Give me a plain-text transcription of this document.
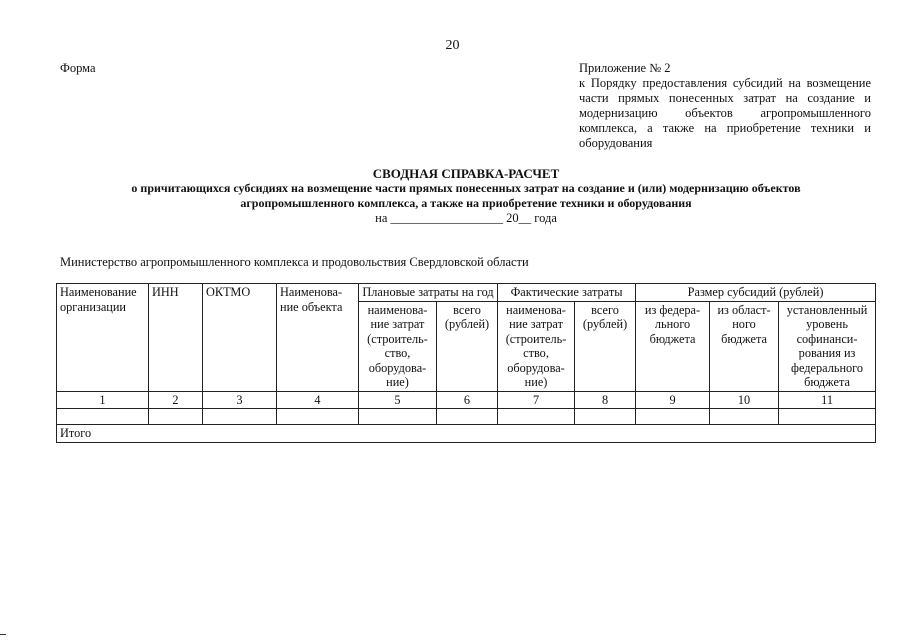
20
Форма	Приложение № 2
к Порядку предоставления субсидий на возмещение части прямых понесенных затрат на создание и модернизацию объектов агропромышленного комплекса, а также на приобретение техники и оборудования
СВОДНАЯ СПРАВКА-РАСЧЕТ
о причитающихся субсидиях на возмещение части прямых понесенных затрат на создание и (или) модернизацию объектов
агропромышленного комплекса, а также на приобретение техники и оборудования
на __________________ 20__ года
Министерство агропромышленного комплекса и продовольствия Свердловской области
Наименование организации	ИНН	ОКТМО	Наименова-ние объекта	Плановые затраты на год		Фактические затраты		Размер субсидий (рублей)		
				наименова-ние затрат (строитель-ство, оборудова-ние)	всего (рублей)	наименова-ние затрат (строитель-ство, оборудова-ние)	всего (рублей)	из федера-льного бюджета	из област-ного бюджета	установленный уровень софинанси-рования из федерального бюджета
1	2	3	4	5	6	7	8	9	10	11

Итого										
